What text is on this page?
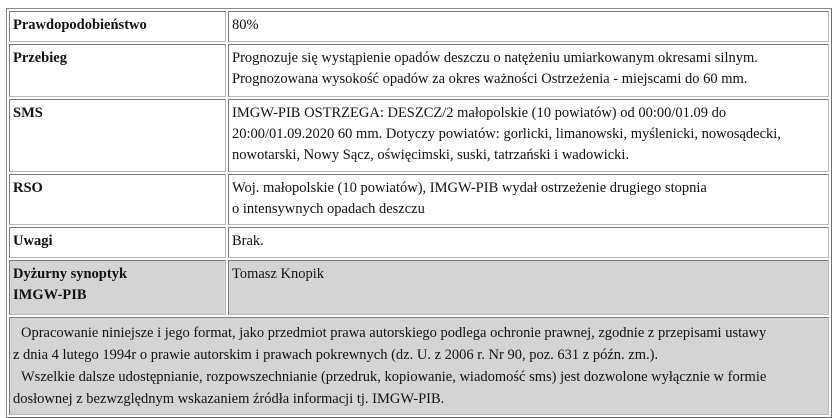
Prawdopodobieństwo	80%

Przebieg	Prognozuje się wystąpienie opadów deszczu o natężeniu umiarkowanym okresami silnym.
Prognozowana wysokość opadów za okres ważności Ostrzeżenia - miejscami do 60 mm.

SMS	IMGW-PIB OSTRZEGA: DESZCZ/2 małopolskie (10 powiatów) od 00:00/01.09 do
20:00/01.09.2020 60 mm. Dotyczy powiatów: gorlicki, limanowski, myślenicki, nowosądecki,
nowotarski, Nowy Sącz, oświęcimski, suski, tatrzański i wadowicki.

RSO	Woj. małopolskie (10 powiatów), IMGW-PIB wydał ostrzeżenie drugiego stopnia
o intensywnych opadach deszczu

Uwagi	Brak.

Dyżurny synoptyk
IMGW-PIB	Tomasz Knopik

Opracowanie niniejsze i jego format, jako przedmiot prawa autorskiego podlega ochronie prawnej, zgodnie z przepisami ustawy
z dnia 4 lutego 1994r o prawie autorskim i prawach pokrewnych (dz. U. z 2006 r. Nr 90, poz. 631 z późn. zm.).
Wszelkie dalsze udostępnianie, rozpowszechnianie (przedruk, kopiowanie, wiadomość sms) jest dozwolone wyłącznie w formie
dosłownej z bezwzględnym wskazaniem źródła informacji tj. IMGW-PIB.	
